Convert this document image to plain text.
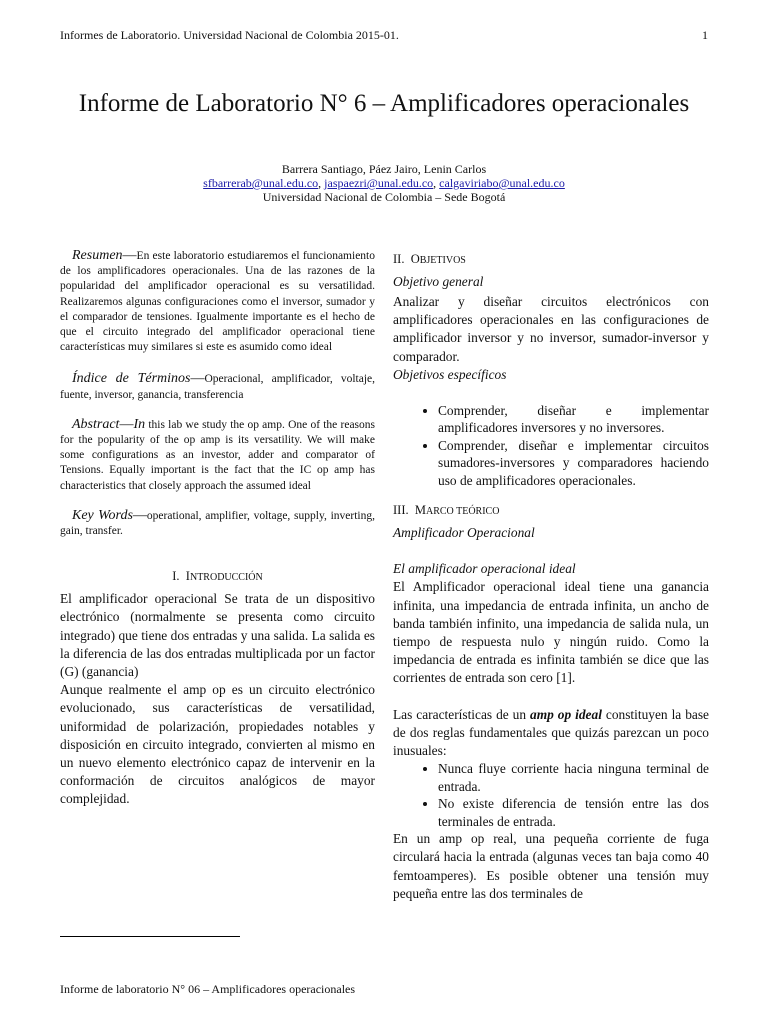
Informes de Laboratorio. Universidad Nacional de Colombia 2015-01.	1
Informe de Laboratorio N° 6 – Amplificadores operacionales
Barrera Santiago, Páez Jairo, Lenin Carlos
sfbarrerab@unal.edu.co, jaspaezri@unal.edu.co, calgaviriabo@unal.edu.co
Universidad Nacional de Colombia – Sede Bogotá

Resumen—En este laboratorio estudiaremos el funcionamiento de los amplificadores operacionales. Una de las razones de la popularidad del amplificador operacional es su versatilidad. Realizaremos algunas configuraciones como el inversor, sumador y el comparador de tensiones. Igualmente importante es el hecho de que el circuito integrado del amplificador operacional tiene características muy similares si este es asumido como ideal

Índice de Términos—Operacional, amplificador, voltaje, fuente, inversor, ganancia, transferencia

Abstract—In this lab we study the op amp. One of the reasons for the popularity of the op amp is its versatility. We will make some configurations as an investor, adder and comparator of Tensions. Equally important is the fact that the IC op amp has characteristics that closely approach the assumed ideal

Key Words—operational, amplifier, voltage, supply, inverting, gain, transfer.

I. INTRODUCCIÓN

El amplificador operacional Se trata de un dispositivo electrónico (normalmente se presenta como circuito integrado) que tiene dos entradas y una salida. La salida es la diferencia de las dos entradas multiplicada por un factor (G) (ganancia)

Aunque realmente el amp op es un circuito electrónico evolucionado, sus características de versatilidad, uniformidad de polarización, propiedades notables y disposición en circuito integrado, convierten al mismo en un nuevo elemento electrónico capaz de intervenir en la conformación de circuitos analógicos de mayor complejidad.

II. OBJETIVOS
Objetivo general

Analizar y diseñar circuitos electrónicos con amplificadores operacionales en las configuraciones de amplificador inversor y no inversor, sumador-inversor y comparador.

Objetivos específicos
• Comprender, diseñar e implementar amplificadores inversores y no inversores.
• Comprender, diseñar e implementar circuitos sumadores-inversores y comparadores haciendo uso de amplificadores operacionales.
III. MARCO TEÓRICO
Amplificador Operacional
El amplificador operacional ideal

El Amplificador operacional ideal tiene una ganancia infinita, una impedancia de entrada infinita, un ancho de banda también infinito, una impedancia de salida nula, un tiempo de respuesta nulo y ningún ruido. Como la impedancia de entrada es infinita también se dice que las corrientes de entrada son cero [1].

Las características de un amp op ideal constituyen la base de dos reglas fundamentales que quizás parezcan un poco inusuales:

• Nunca fluye corriente hacia ninguna terminal de entrada.
• No existe diferencia de tensión entre las dos terminales de entrada.

En un amp op real, una pequeña corriente de fuga circulará hacia la entrada (algunas veces tan baja como 40 femtoamperes). Es posible obtener una tensión muy pequeña entre las dos terminales de

Informe de laboratorio N° 06 – Amplificadores operacionales
